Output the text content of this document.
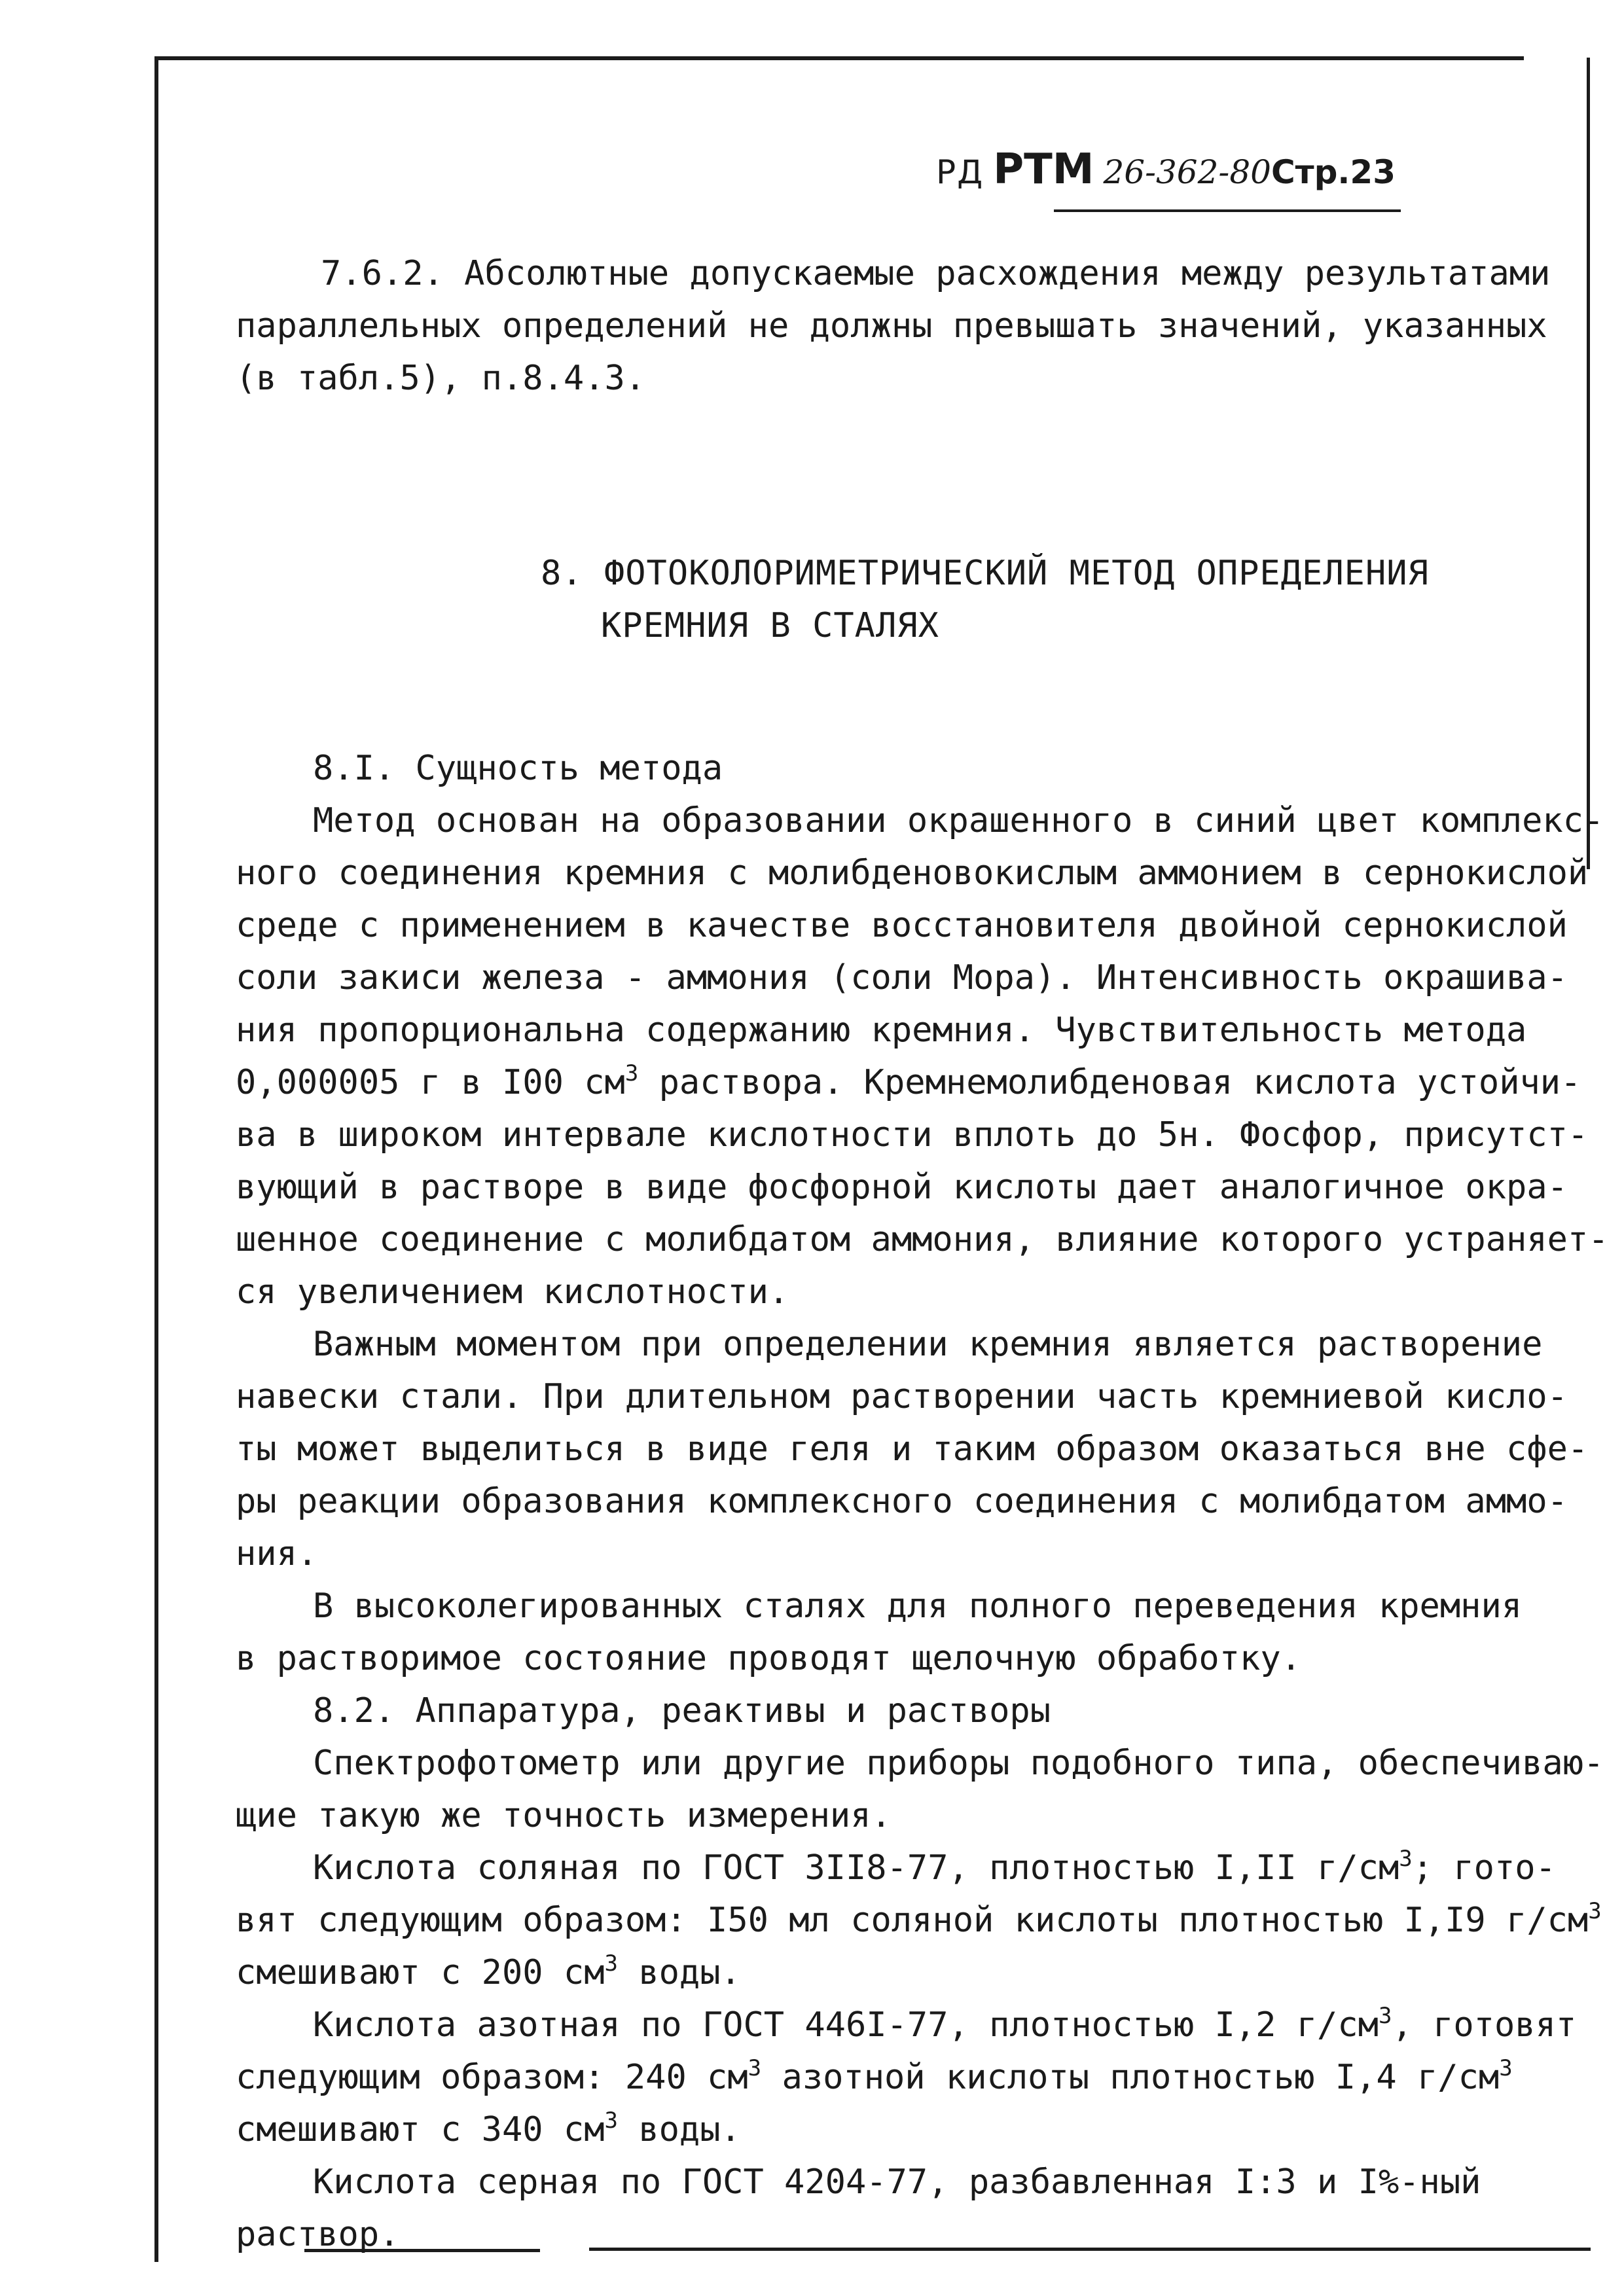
РД РТМ 26-362-80Стр.23
7.6.2. Абсолютные допускаемые расхождения между результатами
параллельных определений не должны превышать значений, указанных
(в табл.5), п.8.4.3.
8. ФОТОКОЛОРИМЕТРИЧЕСКИЙ МЕТОД ОПРЕДЕЛЕНИЯ
КРЕМНИЯ В СТАЛЯХ
8.I. Сущность метода
Метод основан на образовании окрашенного в синий цвет комплекс-
ного соединения кремния с молибденовокислым аммонием в сернокислой
среде с применением в качестве восстановителя двойной сернокислой
соли закиси железа - аммония (соли Мора). Интенсивность окрашива-
ния пропорциональна содержанию кремния. Чувствительность метода
0,000005 г в I00 $см^3$ раствора. Кремнемолибденовая кислота устойчи-
ва в широком интервале кислотности вплоть до 5н. Фосфор, присутст-
вующий в растворе в виде фосфорной кислоты дает аналогичное окра-
шенное соединение с молибдатом аммония, влияние которого устраняет-
ся увеличением кислотности.
Важным моментом при определении кремния является растворение
навески стали. При длительном растворении часть кремниевой кисло-
ты может выделиться в виде геля и таким образом оказаться вне сфе-
ры реакции образования комплексного соединения с молибдатом аммо-
ния.
В высоколегированных сталях для полного переведения кремния
в растворимое состояние проводят щелочную обработку.
8.2. Аппаратура, реактивы и растворы
Спектрофотометр или другие приборы подобного типа, обеспечиваю-
щие такую же точность измерения.
Кислота соляная по ГОСТ 3II8-77, плотностью I,II $г/см^3$; гото-
вят следующим образом: I50 мл соляной кислоты плотностью I,I9 $г/см^3$
смешивают с 200 $см^3$ воды.
Кислота азотная по ГОСТ 446I-77, плотностью I,2 $г/см^3$, готовят
следующим образом: 240 $см^3$ азотной кислоты плотностью I,4 $г/см^3$
смешивают с 340 $см^3$ воды.
Кислота серная по ГОСТ 4204-77, разбавленная I:3 и I%-ный
раствор.
